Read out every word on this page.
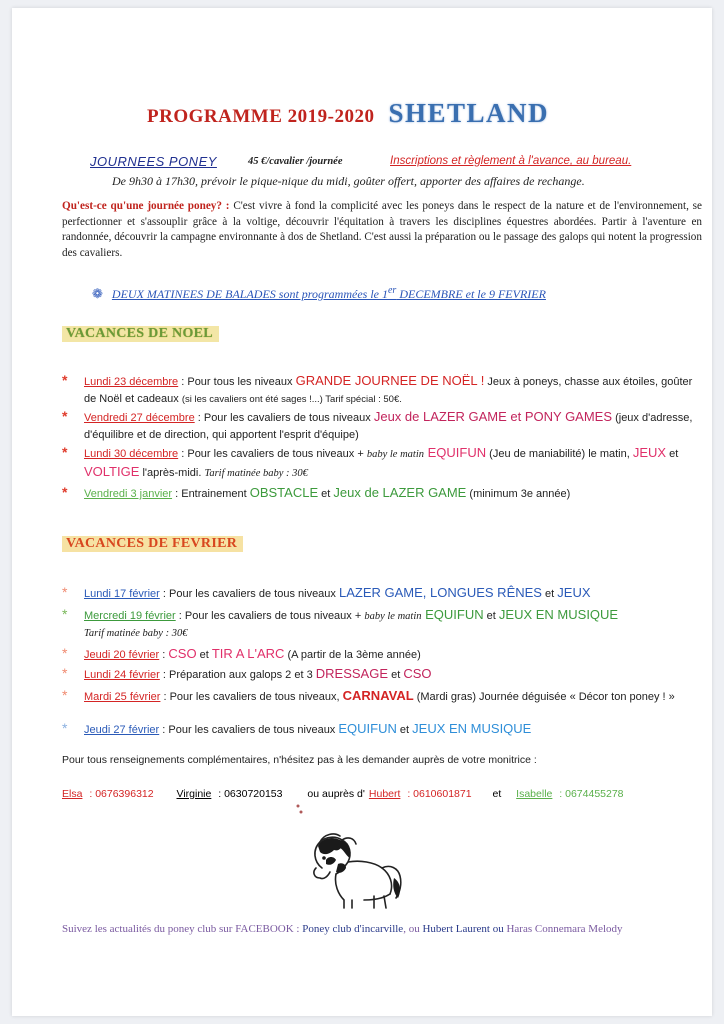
PROGRAMME 2019-2020 SHETLAND
JOURNEES PONEY	45 €/cavalier /journée	Inscriptions et règlement à l'avance, au bureau.
De 9h30 à 17h30, prévoir le pique-nique du midi, goûter offert, apporter des affaires de rechange.
Qu'est-ce qu'une journée poney? : C'est vivre à fond la complicité avec les poneys dans le respect de la nature et de l'environnement, se perfectionner et s'assouplir grâce à la voltige, découvrir l'équitation à travers les disciplines équestres abordées. Partir à l'aventure en randonnée, découvrir la campagne environnante à dos de Shetland. C'est aussi la préparation ou le passage des galops qui notent la progression des cavaliers.
❁ DEUX MATINEES DE BALADES sont programmées le 1er DECEMBRE et le 9 FEVRIER
VACANCES DE NOEL
* Lundi 23 décembre : Pour tous les niveaux GRANDE JOURNEE DE NOËL ! Jeux à poneys, chasse aux étoiles, goûter de Noël et cadeaux (si les cavaliers ont été sages !...) Tarif spécial : 50€.
* Vendredi 27 décembre : Pour les cavaliers de tous niveaux Jeux de LAZER GAME et PONY GAMES (jeux d'adresse, d'équilibre et de direction, qui apportent l'esprit d'équipe)
* Lundi 30 décembre : Pour les cavaliers de tous niveaux + baby le matin EQUIFUN (Jeu de maniabilité) le matin, JEUX et VOLTIGE l'après-midi. Tarif matinée baby : 30€
* Vendredi 3 janvier : Entrainement OBSTACLE et Jeux de LAZER GAME (minimum 3e année)
VACANCES DE FEVRIER
* Lundi 17 février : Pour les cavaliers de tous niveaux LAZER GAME, LONGUES RÊNES et JEUX
* Mercredi 19 février : Pour les cavaliers de tous niveaux + baby le matin EQUIFUN et JEUX EN MUSIQUE
Tarif matinée baby : 30€
* Jeudi 20 février : CSO et TIR A L'ARC (A partir de la 3ème année)
* Lundi 24 février : Préparation aux galops 2 et 3 DRESSAGE et CSO
* Mardi 25 février : Pour les cavaliers de tous niveaux, CARNAVAL (Mardi gras) Journée déguisée « Décor ton poney ! »
* Jeudi 27 février : Pour les cavaliers de tous niveaux EQUIFUN et JEUX EN MUSIQUE
Pour tous renseignements complémentaires, n'hésitez pas à les demander auprès de votre monitrice :
Elsa : 0676396312 Virginie : 0630720153 ou auprès d' Hubert : 0610601871 et Isabelle : 0674455278
Suivez les actualités du poney club sur FACEBOOK : Poney club d'incarville, ou Hubert Laurent ou Haras Connemara Melody
